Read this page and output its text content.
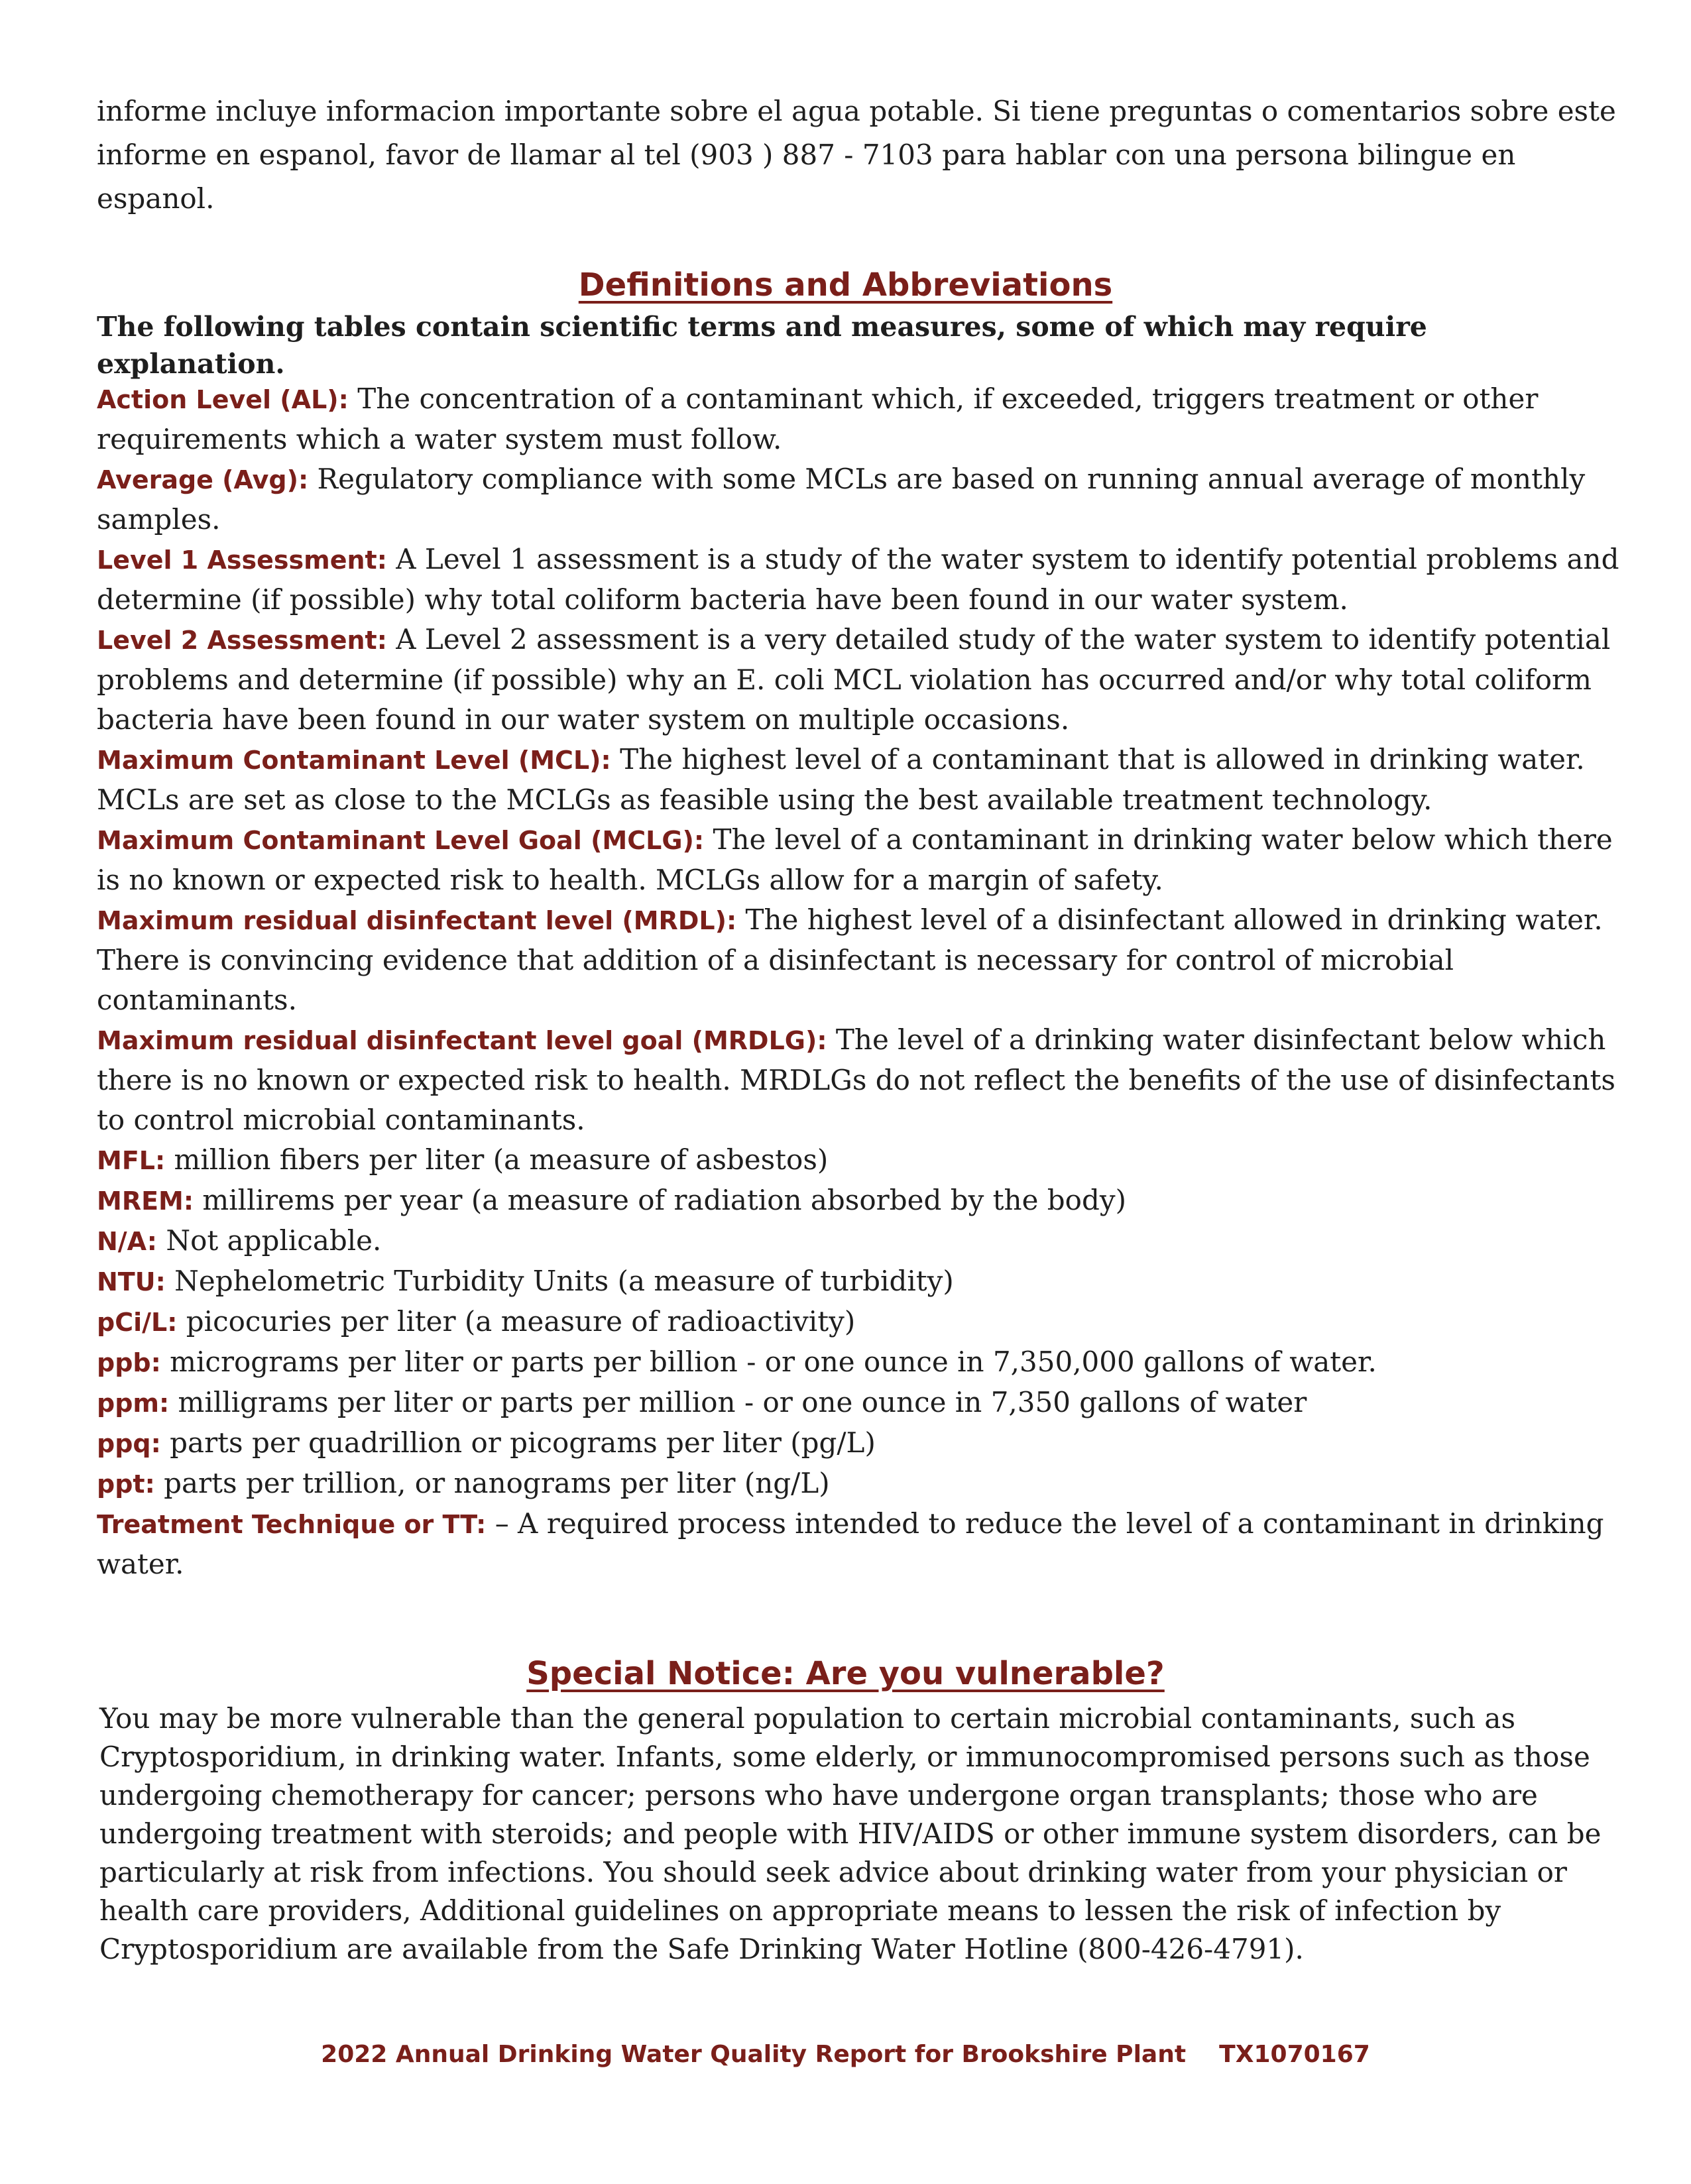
informe incluye informacion importante sobre el agua potable. Si tiene preguntas o comentarios sobre este informe en espanol, favor de llamar al tel (903 ) 887 - 7103 para hablar con una persona bilingue en espanol.

Definitions and Abbreviations

The following tables contain scientific terms and measures, some of which may require explanation.

Action Level (AL): The concentration of a contaminant which, if exceeded, triggers treatment or other requirements which a water system must follow.
Average (Avg): Regulatory compliance with some MCLs are based on running annual average of monthly samples.
Level 1 Assessment: A Level 1 assessment is a study of the water system to identify potential problems and determine (if possible) why total coliform bacteria have been found in our water system.
Level 2 Assessment: A Level 2 assessment is a very detailed study of the water system to identify potential problems and determine (if possible) why an E. coli MCL violation has occurred and/or why total coliform bacteria have been found in our water system on multiple occasions.
Maximum Contaminant Level (MCL): The highest level of a contaminant that is allowed in drinking water. MCLs are set as close to the MCLGs as feasible using the best available treatment technology.
Maximum Contaminant Level Goal (MCLG): The level of a contaminant in drinking water below which there is no known or expected risk to health. MCLGs allow for a margin of safety.
Maximum residual disinfectant level (MRDL): The highest level of a disinfectant allowed in drinking water. There is convincing evidence that addition of a disinfectant is necessary for control of microbial contaminants.
Maximum residual disinfectant level goal (MRDLG): The level of a drinking water disinfectant below which there is no known or expected risk to health. MRDLGs do not reflect the benefits of the use of disinfectants to control microbial contaminants.
MFL: million fibers per liter (a measure of asbestos)
MREM: millirems per year (a measure of radiation absorbed by the body)
N/A: Not applicable.
NTU: Nephelometric Turbidity Units (a measure of turbidity)
pCi/L: picocuries per liter (a measure of radioactivity)
ppb: micrograms per liter or parts per billion - or one ounce in 7,350,000 gallons of water.
ppm: milligrams per liter or parts per million - or one ounce in 7,350 gallons of water
ppq: parts per quadrillion or picograms per liter (pg/L)
ppt: parts per trillion, or nanograms per liter (ng/L)
Treatment Technique or TT: – A required process intended to reduce the level of a contaminant in drinking water.
Special Notice: Are you vulnerable?

You may be more vulnerable than the general population to certain microbial contaminants, such as Cryptosporidium, in drinking water. Infants, some elderly, or immunocompromised persons such as those undergoing chemotherapy for cancer; persons who have undergone organ transplants; those who are undergoing treatment with steroids; and people with HIV/AIDS or other immune system disorders, can be particularly at risk from infections. You should seek advice about drinking water from your physician or health care providers, Additional guidelines on appropriate means to lessen the risk of infection by Cryptosporidium are available from the Safe Drinking Water Hotline (800-426-4791).

2022 Annual Drinking Water Quality Report for Brookshire Plant    TX1070167
